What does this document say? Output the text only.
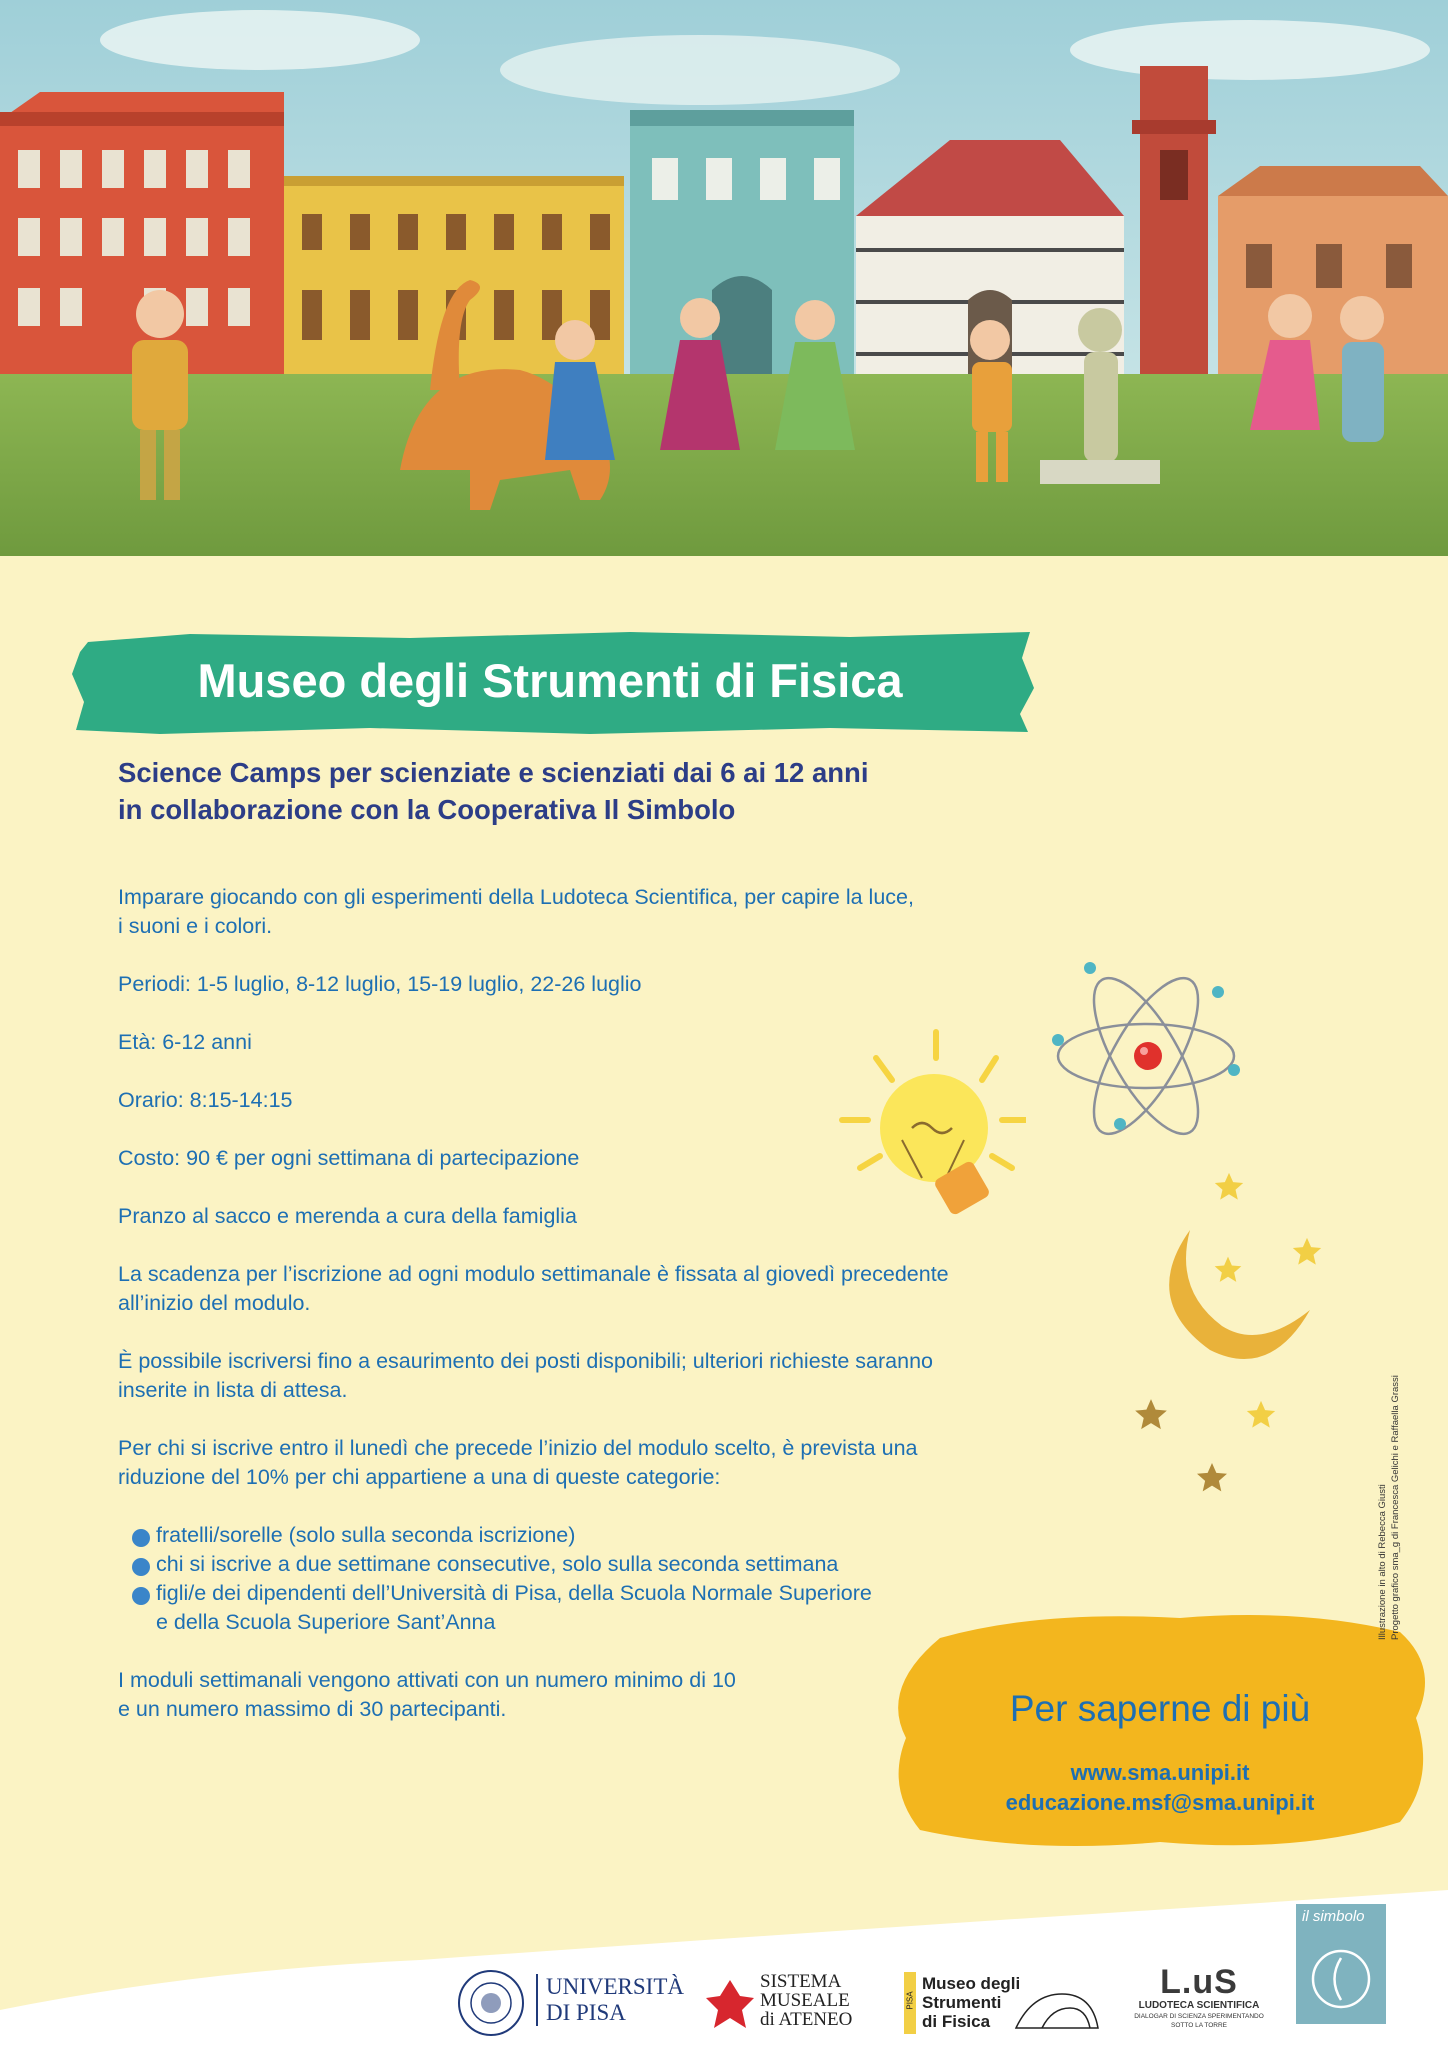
Museo degli Strumenti di Fisica
Science Camps per scienziate e scienziati dai 6 ai 12 anni
in collaborazione con la Cooperativa Il Simbolo

Imparare giocando con gli esperimenti della Ludoteca Scientifica, per capire la luce,
i suoni e i colori.

Periodi: 1-5 luglio, 8-12 luglio, 15-19 luglio, 22-26 luglio

Età: 6-12 anni

Orario: 8:15-14:15

Costo: 90 € per ogni settimana di partecipazione

Pranzo al sacco e merenda a cura della famiglia

La scadenza per l’iscrizione ad ogni modulo settimanale è fissata al giovedì precedente
all’inizio del modulo.

È possibile iscriversi fino a esaurimento dei posti disponibili; ulteriori richieste saranno
inserite in lista di attesa.

Per chi si iscrive entro il lunedì che precede l’inizio del modulo scelto, è prevista una
riduzione del 10% per chi appartiene a una di queste categorie:

fratelli/sorelle (solo sulla seconda iscrizione)
chi si iscrive a due settimane consecutive, solo sulla seconda settimana
figli/e dei dipendenti dell’Università di Pisa, della Scuola Normale Superiore
e della Scuola Superiore Sant’Anna

I moduli settimanali vengono attivati con un numero minimo di 10
e un numero massimo di 30 partecipanti.	Per saperne di più
www.sma.unipi.it
educazione.msf@sma.unipi.it
Illustrazione in alto di Rebecca Giusti Progetto grafico sma_g di Francesca Gelichi e Raffaella Grassi
UNIVERSITÀ
DI PISA
SISTEMA
MUSEALE
di ATENEO
PISA
Museo degli
Strumenti
di Fisica
L.uS
LUDOTECA SCIENTIFICA
DIALOGAR DI SCIENZA SPERIMENTANDO
SOTTO LA TORRE
il simbolo
